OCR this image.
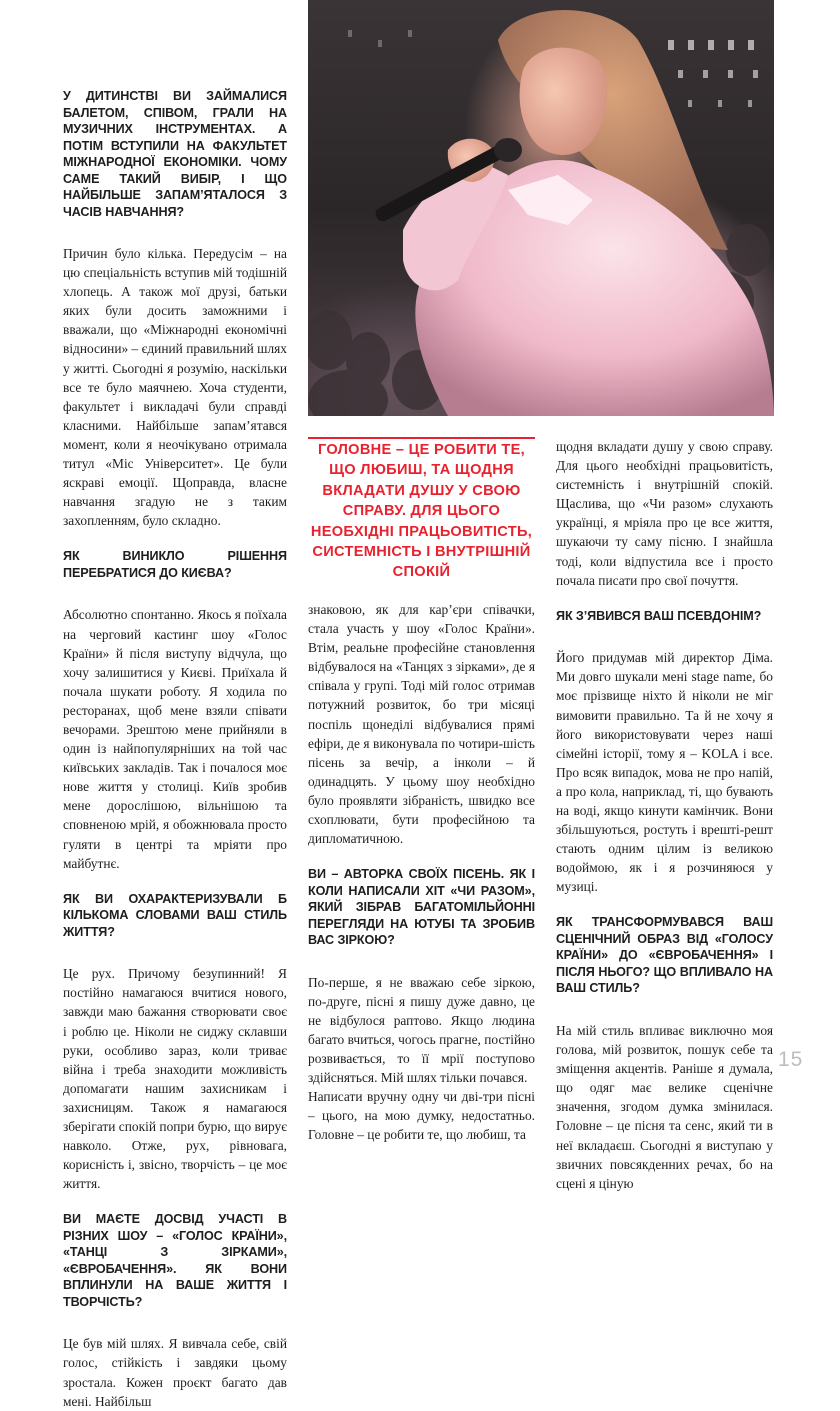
У ДИТИНСТВІ ВИ ЗАЙМАЛИСЯ БАЛЕТОМ, СПІВОМ, ГРАЛИ НА МУЗИЧНИХ ІНСТРУМЕНТАХ. А ПОТІМ ВСТУПИЛИ НА ФАКУЛЬТЕТ МІЖНАРОДНОЇ ЕКОНОМІКИ. ЧОМУ САМЕ ТАКИЙ ВИБІР, І ЩО НАЙБІЛЬШЕ ЗАПАМ’ЯТАЛОСЯ З ЧАСІВ НАВЧАННЯ?
Причин було кілька. Передусім – на цю спеціальність вступив мій тодішній хлопець. А також мої друзі, батьки яких були досить заможними і вважали, що «Міжнародні економічні відносини» – єдиний правильний шлях у житті. Сьогодні я розумію, наскільки все те було маячнею. Хоча студенти, факультет і викладачі були справді класними. Найбільше запам’ятався момент, коли я неочікувано отримала титул «Міс Університет». Це були яскраві емоції. Щоправда, власне навчання згадую не з таким захопленням, було складно.
ЯК ВИНИКЛО РІШЕННЯ ПЕРЕБРАТИСЯ ДО КИЄВА?
Абсолютно спонтанно. Якось я поїхала на черговий кастинг шоу «Голос Країни» й після виступу відчула, що хочу залишитися у Києві. Приїхала й почала шукати роботу. Я ходила по ресторанах, щоб мене взяли співати вечорами. Зрештою мене прийняли в один із найпопулярніших на той час київських закладів. Так і почалося моє нове життя у столиці. Київ зробив мене дорослішою, вільнішою та сповненою мрій, я обожнювала просто гуляти в центрі та мріяти про майбутнє.
ЯК ВИ ОХАРАКТЕРИЗУВАЛИ Б КІЛЬКОМА СЛОВАМИ ВАШ СТИЛЬ ЖИТТЯ?
Це рух. Причому безупинний! Я постійно намагаюся вчитися нового, завжди маю бажання створювати своє і роблю це. Ніколи не сиджу склавши руки, особливо зараз, коли триває війна і треба знаходити можливість допомагати нашим захисникам і захисницям. Також я намагаюся зберігати спокій попри бурю, що вирує навколо. Отже, рух, рівновага, корисність і, звісно, творчість – це моє життя.
ВИ МАЄТЕ ДОСВІД УЧАСТІ В РІЗНИХ ШОУ – «ГОЛОС КРАЇНИ», «ТАНЦІ З ЗІРКАМИ», «ЄВРОБАЧЕННЯ». ЯК ВОНИ ВПЛИНУЛИ НА ВАШЕ ЖИТТЯ І ТВОРЧІСТЬ?
Це був мій шлях. Я вивчала себе, свій голос, стійкість і завдяки цьому зростала. Кожен проєкт багато дав мені. Найбільш
ГОЛОВНЕ – ЦЕ РОБИТИ ТЕ, ЩО ЛЮБИШ, ТА ЩОДНЯ ВКЛАДАТИ ДУШУ У СВОЮ СПРАВУ. ДЛЯ ЦЬОГО НЕОБХІДНІ ПРАЦЬОВИТІСТЬ, СИСТЕМНІСТЬ І ВНУТРІШНІЙ СПОКІЙ
знаковою, як для кар’єри співачки, стала участь у шоу «Голос Країни». Втім, реальне професійне становлення відбувалося на «Танцях з зірками», де я співала у групі. Тоді мій голос отримав потужний розвиток, бо три місяці поспіль щонеділі відбувалися прямі ефіри, де я виконувала по чотири-шість пісень за вечір, а інколи – й одинадцять. У цьому шоу необхідно було проявляти зібраність, швидко все схоплювати, бути професійною та дипломатичною.
ВИ – АВТОРКА СВОЇХ ПІСЕНЬ. ЯК І КОЛИ НАПИСАЛИ ХІТ «ЧИ РАЗОМ», ЯКИЙ ЗІБРАВ БАГАТОМІЛЬЙОННІ ПЕРЕГЛЯДИ НА ЮТУБІ ТА ЗРОБИВ ВАС ЗІРКОЮ?
По-перше, я не вважаю себе зіркою, по-друге, пісні я пишу дуже давно, це не відбулося раптово. Якщо людина багато вчиться, чогось прагне, постійно розвивається, то її мрії поступово здійсняться. Мій шлях тільки почався.
Написати вручну одну чи дві-три пісні – цього, на мою думку, недостатньо. Головне – це робити те, що любиш, та
щодня вкладати душу у свою справу. Для цього необхідні працьовитість, системність і внутрішній спокій. Щаслива, що «Чи разом» слухають українці, я мріяла про це все життя, шукаючи ту саму пісню. І знайшла тоді, коли відпустила все і просто почала писати про свої почуття.
ЯК З’ЯВИВСЯ ВАШ ПСЕВДОНІМ?
Його придумав мій директор Діма. Ми довго шукали мені stage name, бо моє прізвище ніхто й ніколи не міг вимовити правильно. Та й не хочу я його використовувати через наші сімейні історії, тому я – KOLA і все. Про всяк випадок, мова не про напій, а про кола, наприклад, ті, що бувають на воді, якщо кинути камінчик. Вони збільшуються, ростуть і врешті-решт стають одним цілим із великою водоймою, як і я розчиняюся у музиці.
ЯК ТРАНСФОРМУВАВСЯ ВАШ СЦЕНІЧНИЙ ОБРАЗ ВІД «ГОЛОСУ КРАЇНИ» ДО «ЄВРОБАЧЕННЯ» І ПІСЛЯ НЬОГО? ЩО ВПЛИВАЛО НА ВАШ СТИЛЬ?
На мій стиль впливає виключно моя голова, мій розвиток, пошук себе та зміщення акцентів. Раніше я думала, що одяг має велике сценічне значення, згодом думка змінилася. Головне – це пісня та сенс, який ти в неї вкладаєш. Сьогодні я виступаю у звичних повсякденних речах, бо на сцені я ціную
15
